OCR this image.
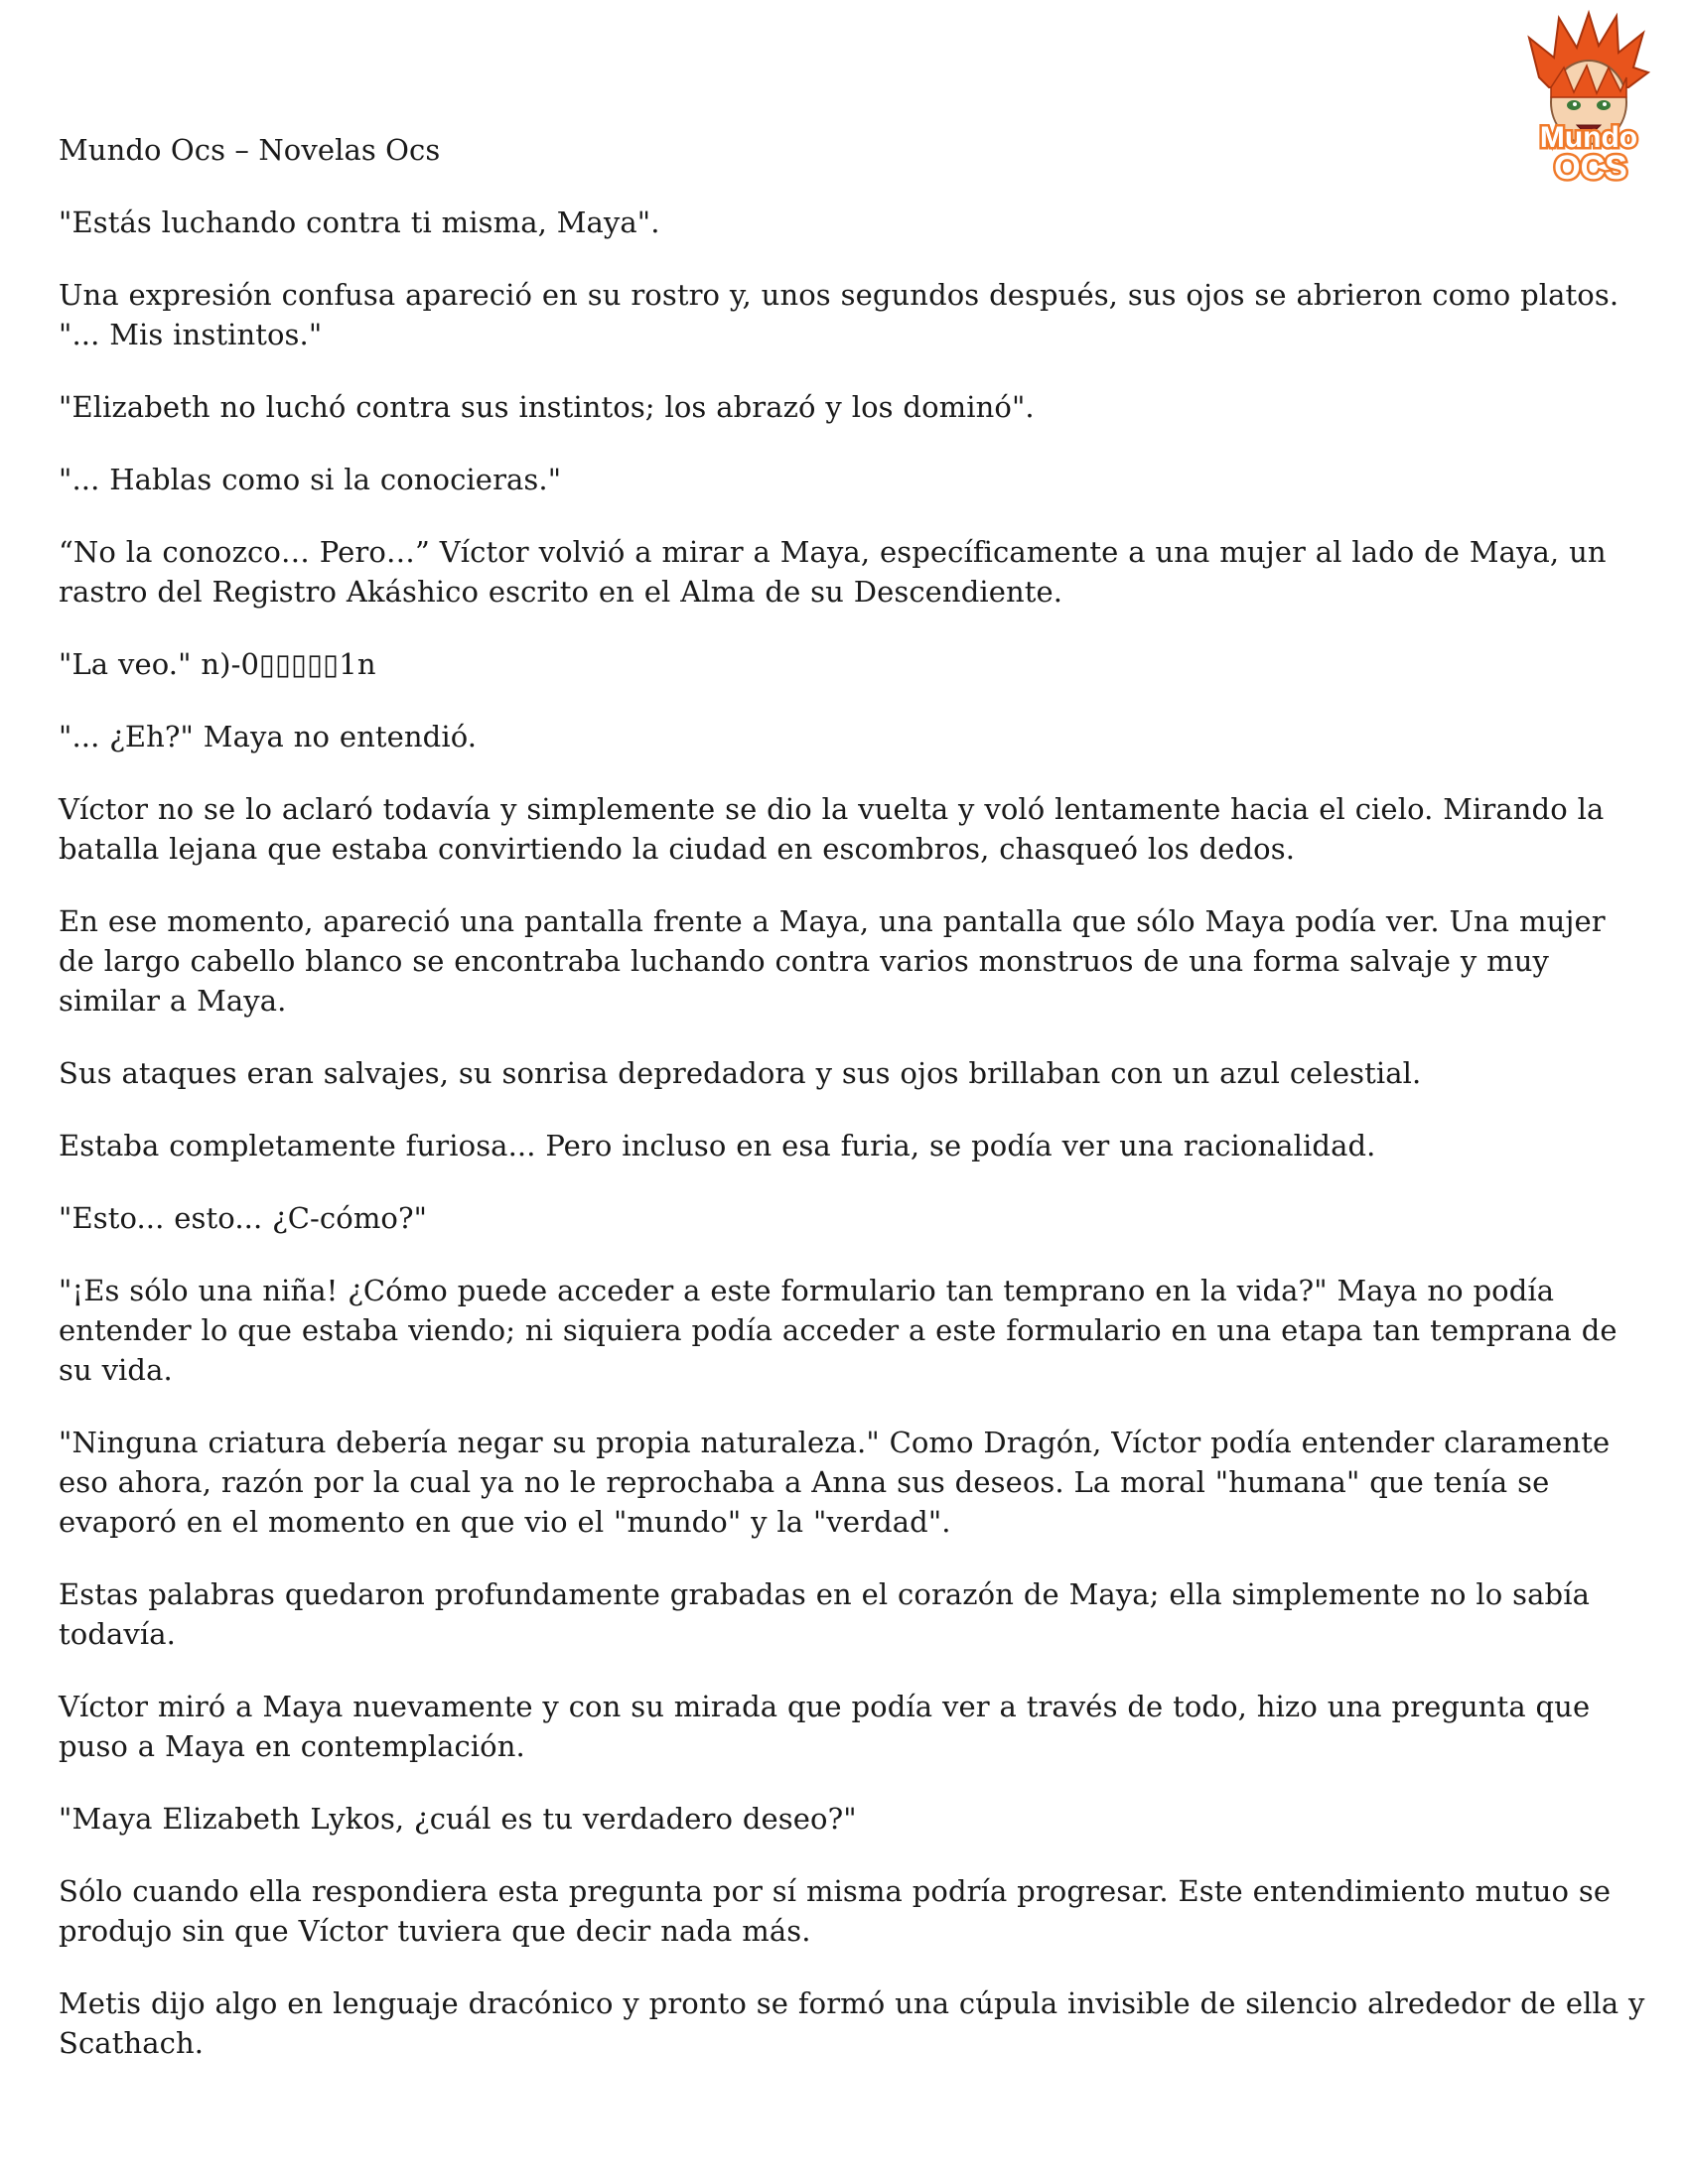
Mundo
OCS
Mundo Ocs – Novelas Ocs

"Estás luchando contra ti misma, Maya".

Una expresión confusa apareció en su rostro y, unos segundos después, sus ojos se abrieron como platos. "... Mis instintos."

"Elizabeth no luchó contra sus instintos; los abrazó y los dominó".

"... Hablas como si la conocieras."

“No la conozco… Pero…” Víctor volvió a mirar a Maya, específicamente a una mujer al lado de Maya, un rastro del Registro Akáshico escrito en el Alma de su Descendiente.

"La veo." n)-0▯▯▯▯▯1n

"... ¿Eh?" Maya no entendió.

Víctor no se lo aclaró todavía y simplemente se dio la vuelta y voló lentamente hacia el cielo. Mirando la batalla lejana que estaba convirtiendo la ciudad en escombros, chasqueó los dedos.

En ese momento, apareció una pantalla frente a Maya, una pantalla que sólo Maya podía ver. Una mujer de largo cabello blanco se encontraba luchando contra varios monstruos de una forma salvaje y muy similar a Maya.

Sus ataques eran salvajes, su sonrisa depredadora y sus ojos brillaban con un azul celestial.

Estaba completamente furiosa... Pero incluso en esa furia, se podía ver una racionalidad.

"Esto... esto... ¿C-cómo?"

"¡Es sólo una niña! ¿Cómo puede acceder a este formulario tan temprano en la vida?" Maya no podía entender lo que estaba viendo; ni siquiera podía acceder a este formulario en una etapa tan temprana de su vida.

"Ninguna criatura debería negar su propia naturaleza." Como Dragón, Víctor podía entender claramente eso ahora, razón por la cual ya no le reprochaba a Anna sus deseos. La moral "humana" que tenía se evaporó en el momento en que vio el "mundo" y la "verdad".

Estas palabras quedaron profundamente grabadas en el corazón de Maya; ella simplemente no lo sabía todavía.

Víctor miró a Maya nuevamente y con su mirada que podía ver a través de todo, hizo una pregunta que puso a Maya en contemplación.

"Maya Elizabeth Lykos, ¿cuál es tu verdadero deseo?"

Sólo cuando ella respondiera esta pregunta por sí misma podría progresar. Este entendimiento mutuo se produjo sin que Víctor tuviera que decir nada más.

Metis dijo algo en lenguaje dracónico y pronto se formó una cúpula invisible de silencio alrededor de ella y Scathach.
